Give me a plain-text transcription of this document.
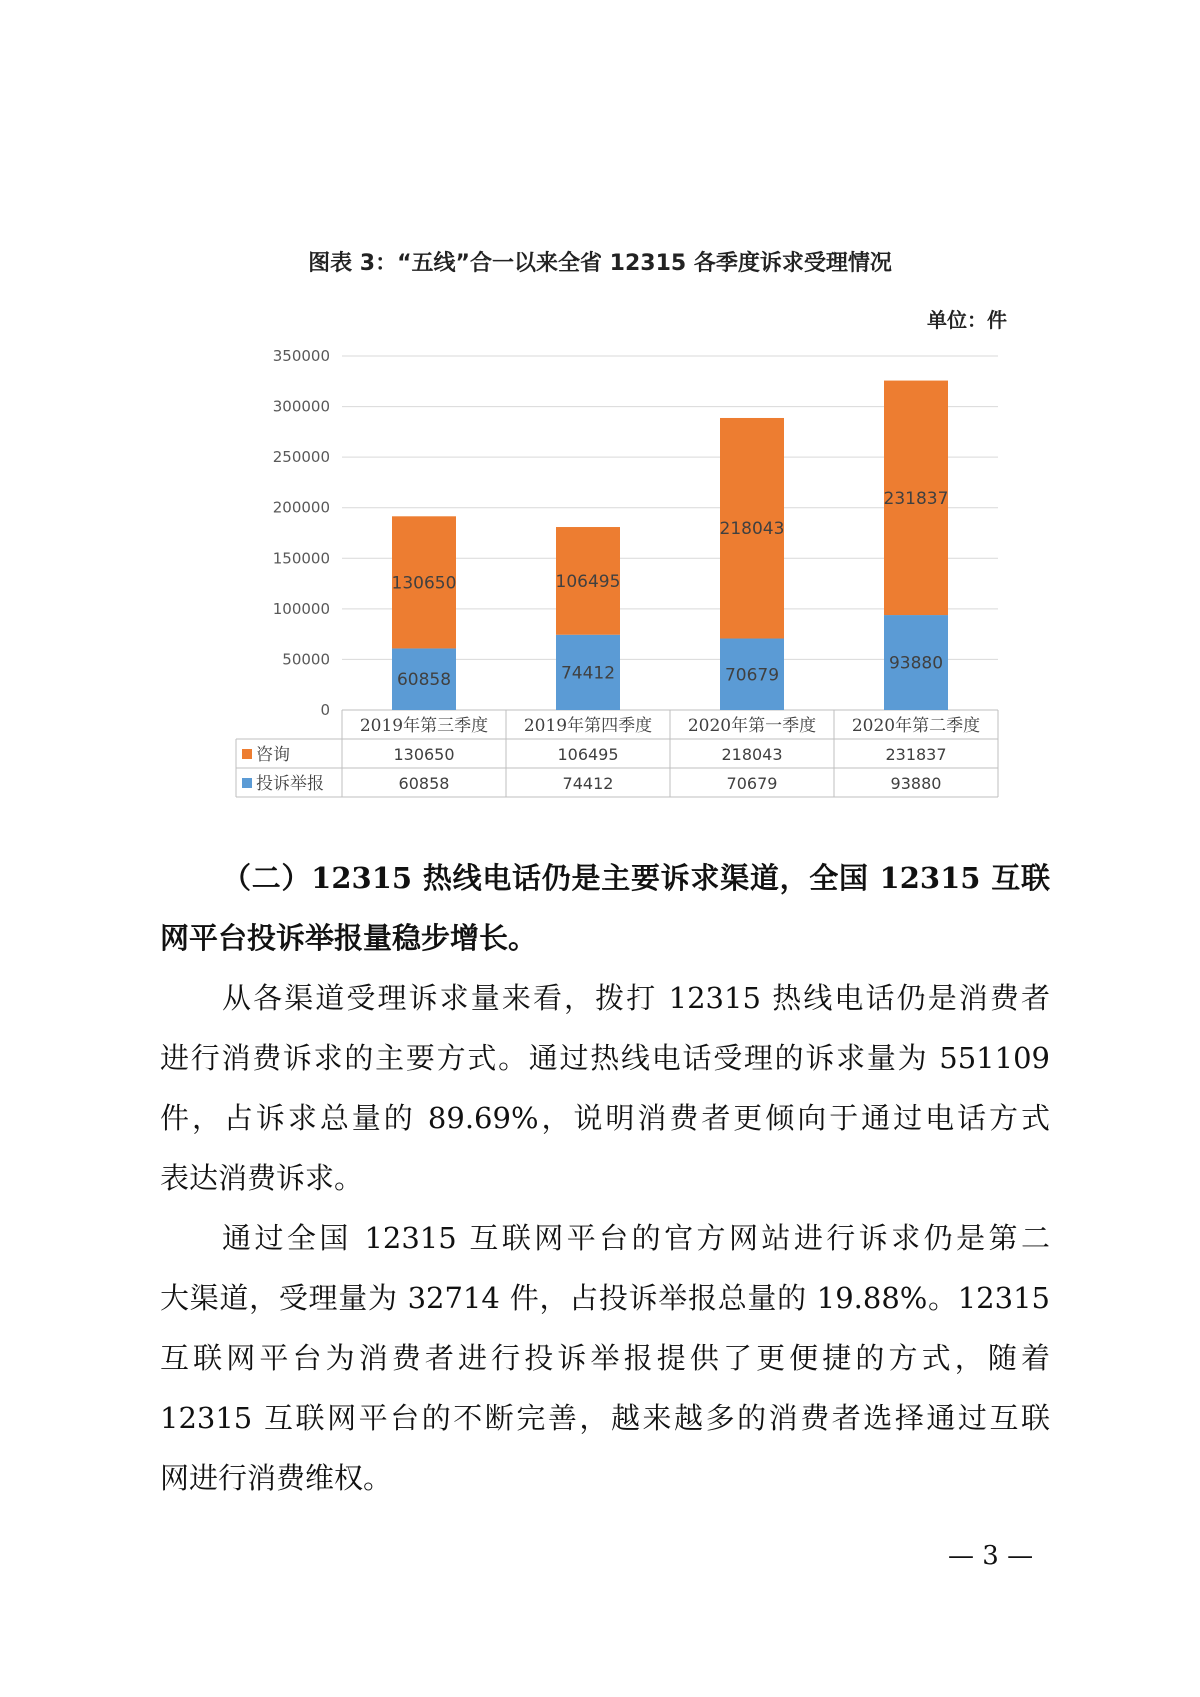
图表 3：“五线”合一以来全省 12315 各季度诉求受理情况
单位：件
0
50000
100000
150000
200000
250000
300000
350000
60858
130650
74412
106495
70679
218043
93880
231837
2019年第三季度 2019年第四季度 2020年第一季度 2020年第二季度
咨询	130650	106495	218043	231837
投诉举报	60858	74412	70679	93880
（二）12315 热线电话仍是主要诉求渠道，全国 12315 互联
网平台投诉举报量稳步增长。
从各渠道受理诉求量来看，拨打 12315 热线电话仍是消费者
进行消费诉求的主要方式。通过热线电话受理的诉求量为 551109
件，占诉求总量的 89.69%，说明消费者更倾向于通过电话方式
表达消费诉求。
通过全国 12315 互联网平台的官方网站进行诉求仍是第二
大渠道，受理量为 32714 件，占投诉举报总量的 19.88%。12315
互联网平台为消费者进行投诉举报提供了更便捷的方式，随着
12315 互联网平台的不断完善，越来越多的消费者选择通过互联
网进行消费维权。
— 3 —
